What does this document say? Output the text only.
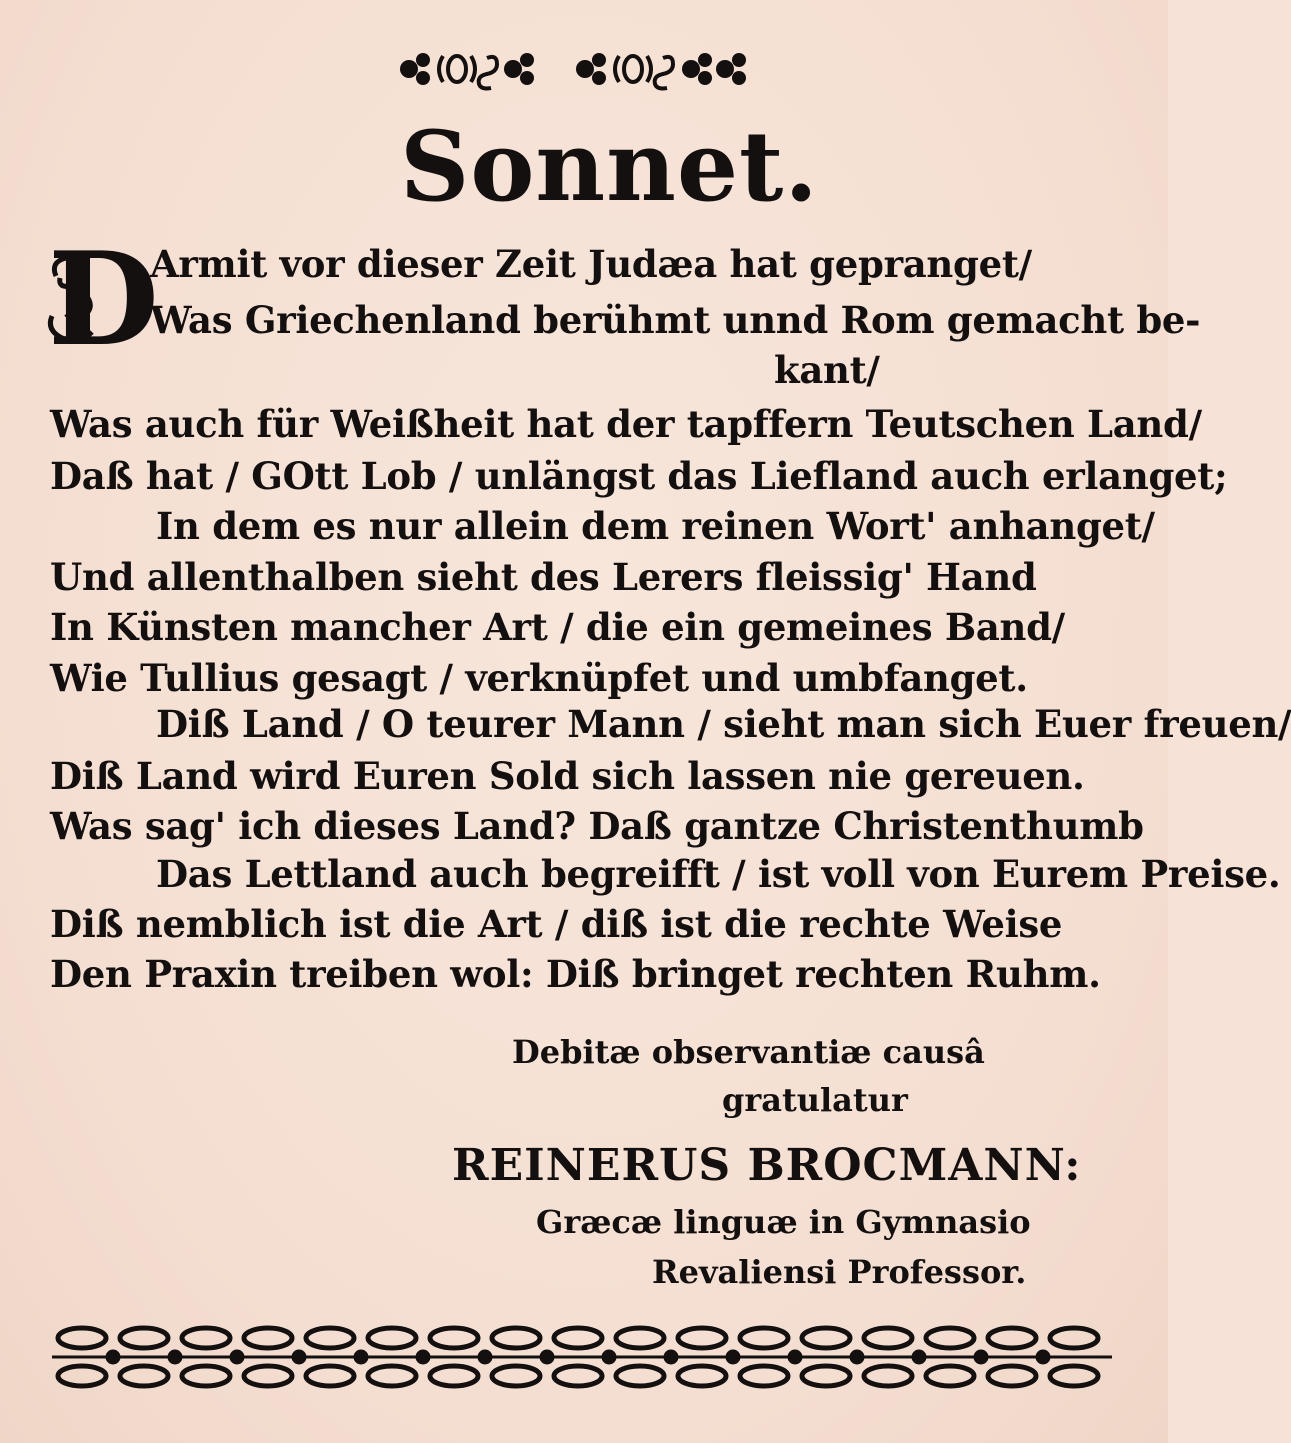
Sonnet.
D
Armit vor dieser Zeit Judæa hat gepranget/
Was Griechenland berühmt unnd Rom gemacht be-
kant/
Was auch für Weißheit hat der tapffern Teutschen Land/
Daß hat / GOtt Lob / unlängst das Liefland auch erlanget;
In dem es nur allein dem reinen Wort' anhanget/
Und allenthalben sieht des Lerers fleissig' Hand
In Künsten mancher Art / die ein gemeines Band/
Wie Tullius gesagt / verknüpfet und umbfanget.
Diß Land / O teurer Mann / sieht man sich Euer freuen/
Diß Land wird Euren Sold sich lassen nie gereuen.
Was sag' ich dieses Land? Daß gantze Christenthumb
Das Lettland auch begreifft / ist voll von Eurem Preise.
Diß nemblich ist die Art / diß ist die rechte Weise
Den Praxin treiben wol: Diß bringet rechten Ruhm.
Debitæ observantiæ causâ
gratulatur
REINERUS BROCMANN:
Græcæ linguæ in Gymnasio
Revaliensi Professor.
